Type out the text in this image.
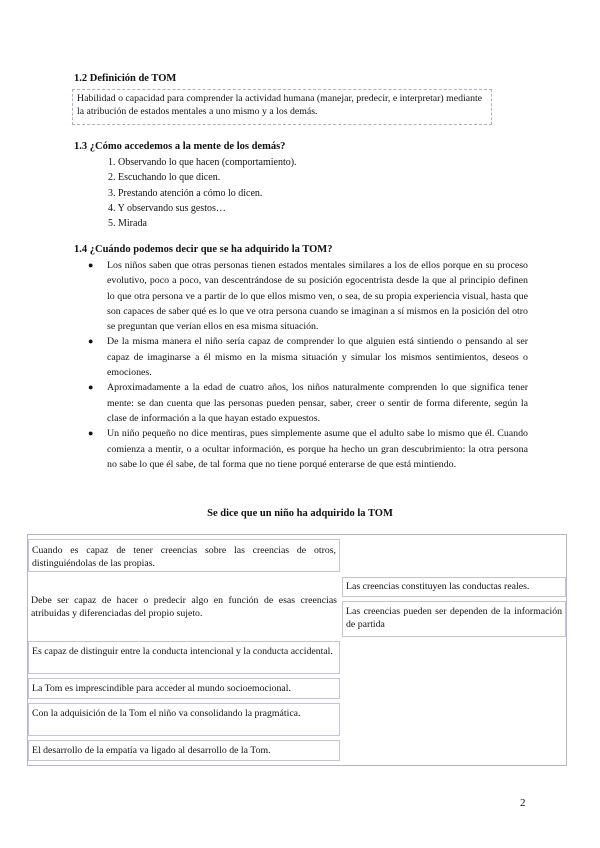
1.2 Definición de TOM
Habilidad o capacidad para comprender la actividad humana (manejar, predecir, e interpretar) mediante la atribución de estados mentales a uno mismo y a los demás.
1.3 ¿Cómo accedemos a la mente de los demás?
1. Observando lo que hacen (comportamiento).
2. Escuchando lo que dicen.
3. Prestando atención a cómo lo dicen.
4. Y observando sus gestos…
5. Mirada
1.4 ¿Cuándo podemos decir que se ha adquirido la TOM?
● Los niños saben que otras personas tienen estados mentales similares a los de ellos porque en su proceso evolutivo, poco a poco, van descentrándose de su posición egocentrista desde la que al principio definen lo que otra persona ve a partir de lo que ellos mismo ven, o sea, de su propia experiencia visual, hasta que son capaces de saber qué es lo que ve otra persona cuando se imaginan a sí mismos en la posición del otro se preguntan que verían ellos en esa misma situación.
● De la misma manera el niño sería capaz de comprender lo que alguien está sintiendo o pensando al ser capaz de imaginarse a él mismo en la misma situación y simular los mismos sentimientos, deseos o emociones.
● Aproximadamente a la edad de cuatro años, los niños naturalmente comprenden lo que significa tener mente: se dan cuenta que las personas pueden pensar, saber, creer o sentir de forma diferente, según la clase de información a la que hayan estado expuestos.
● Un niño pequeño no dice mentiras, pues simplemente asume que el adulto sabe lo mismo que él. Cuando comienza a mentir, o a ocultar información, es porque ha hecho un gran descubrimiento: la otra persona no sabe lo que él sabe, de tal forma que no tiene porqué enterarse de que está mintiendo.
Se dice que un niño ha adquirido la TOM
Cuando es capaz de tener creencias sobre las creencias de otros, distinguiéndolas de las propias.
Debe ser capaz de hacer o predecir algo en función de esas creencias atribuidas y diferenciadas del propio sujeto.
Las creencias constituyen las conductas reales.
Las creencias pueden ser dependen de la información de partida
Es capaz de distinguir entre la conducta intencional y la conducta accidental.
La Tom es imprescindible para acceder al mundo socioemocional.
Con la adquisición de la Tom el niño va consolidando la pragmática.
El desarrollo de la empatía va ligado al desarrollo de la Tom.
2
